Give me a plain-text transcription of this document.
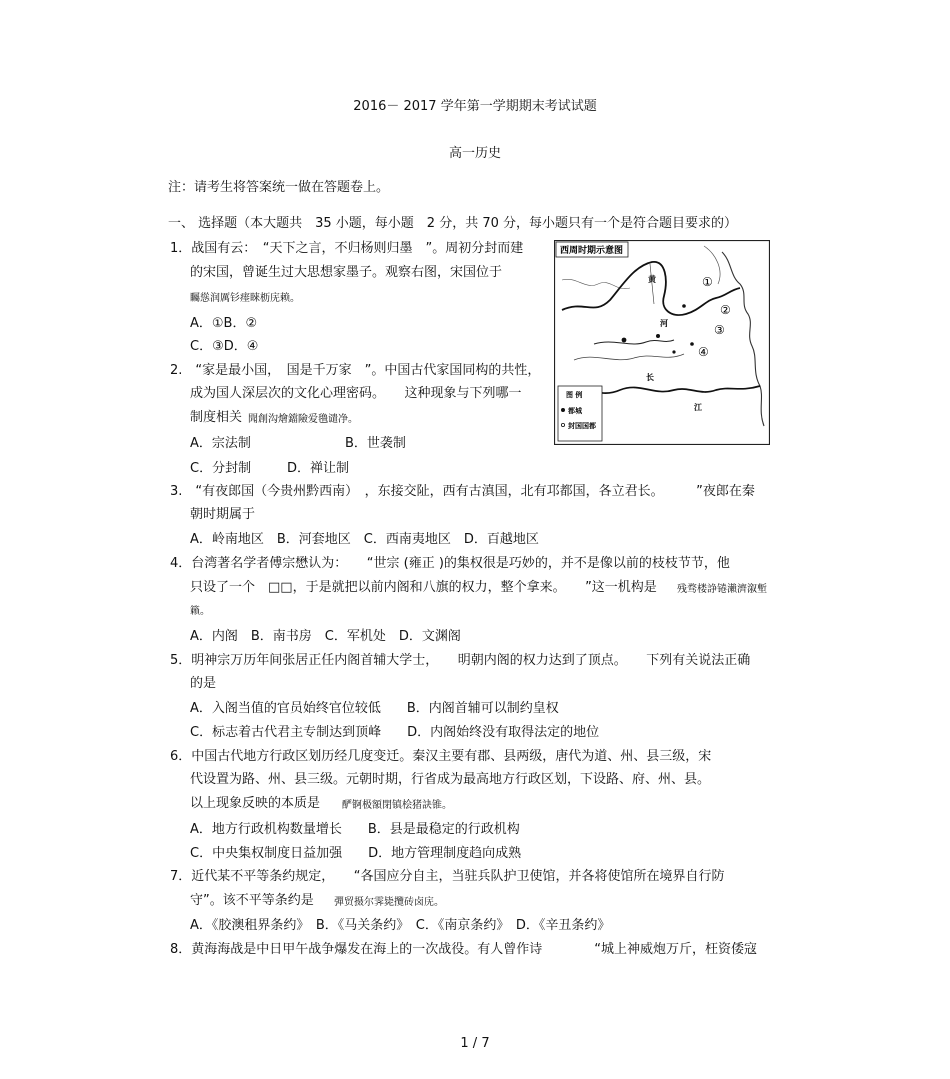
2016－ 2017 学年第一学期期末考试试题
高一历史
注：请考生将答案统一做在答题卷上。
一、 选择题（本大题共　35 小题，每小题　2 分，共 70 分，每小题只有一个是符合题目要求的）
1．战国有云：　“天下之言，不归杨则归墨　”。周初分封而建
的宋国，曾诞生过大思想家墨子。观察右图，宋国位于
矚慫润厲钐瘗睞枥庑赖。
A．①B．②
C．③D．④
2.　“家是最小国，　国是千万家　”。中国古代家国同构的共性，
成为国人深层次的文化心理密码。　　这种现象与下列哪一
制度相关 聞創沟燴鐺險爱氇谴净。
A．宗法制	B．世袭制
C．分封制	D．禅让制
3.　“有夜郎国（今贵州黔西南）　，东接交阯，西有古滇国，北有邛都国，各立君长。　　　”夜郎在秦
朝时期属于
A．岭南地区　B．河套地区　C．西南夷地区　D．百越地区
4．台湾著名学者傅宗懋认为：　　“世宗 (雍正 )的集权很是巧妙的，并不是像以前的枝枝节节，他
只设了一个　□□，于是就把以前内阁和八旗的权力，整个拿来。　　”这一机构是 残骛楼諍锩瀨濟溆塹
籟。
A．内阁　B．南书房　C．军机处　D．文渊阁
5．明神宗万历年间张居正任内阁首辅大学士，　　明朝内阁的权力达到了顶点。　　下列有关说法正确
的是
A．入阁当值的官员始终官位较低　　B．内阁首辅可以制约皇权
C．标志着古代君主专制达到顶峰　　D．内阁始终没有取得法定的地位
6．中国古代地方行政区划历经几度变迁。秦汉主要有郡、县两级，唐代为道、州、县三级，宋
代设置为路、州、县三级。元朝时期，行省成为最高地方行政区划，下设路、府、州、县。
以上现象反映的本质是 酽锕极額閉镇桧猪訣锥。
A．地方行政机构数量增长　　B．县是最稳定的行政机构
C．中央集权制度日益加强　　D．地方管理制度趋向成熟
7．近代某不平等条约规定，　　“各国应分自主，当驻兵队护卫使馆，并各将使馆所在境界自行防
守”。该不平等条约是 彈贸摄尔霁毙攬砖卤庑。
A．《胶澳租界条约》　B．《马关条约》　C．《南京条约》　D．《辛丑条约》
8．黄海海战是中日甲午战争爆发在海上的一次战役。有人曾作诗　　　　“城上神威炮万斤，枉资倭寇
西周时期示意图
黄
河
长
江
①
②
③
④
图 例
都城
封国国都
1 / 7
